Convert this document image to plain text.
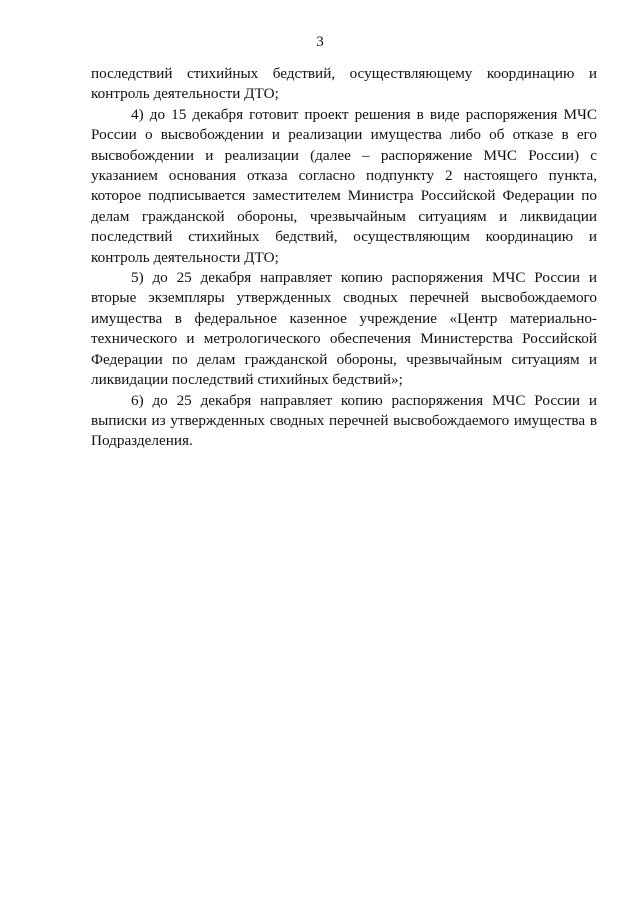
3

последствий стихийных бедствий, осуществляющему координацию и контроль деятельности ДТО;

4) до 15 декабря готовит проект решения в виде распоряжения МЧС России о высвобождении и реализации имущества либо об отказе в его высвобождении и реализации (далее – распоряжение МЧС России) с указанием основания отказа согласно подпункту 2 настоящего пункта, которое подписывается заместителем Министра Российской Федерации по делам гражданской обороны, чрезвычайным ситуациям и ликвидации последствий стихийных бедствий, осуществляющим координацию и контроль деятельности ДТО;

5) до 25 декабря направляет копию распоряжения МЧС России и вторые экземпляры утвержденных сводных перечней высвобождаемого имущества в федеральное казенное учреждение «Центр материально-технического и метрологического обеспечения Министерства Российской Федерации по делам гражданской обороны, чрезвычайным ситуациям и ликвидации последствий стихийных бедствий»;

6) до 25 декабря направляет копию распоряжения МЧС России и выписки из утвержденных сводных перечней высвобождаемого имущества в Подразделения.
